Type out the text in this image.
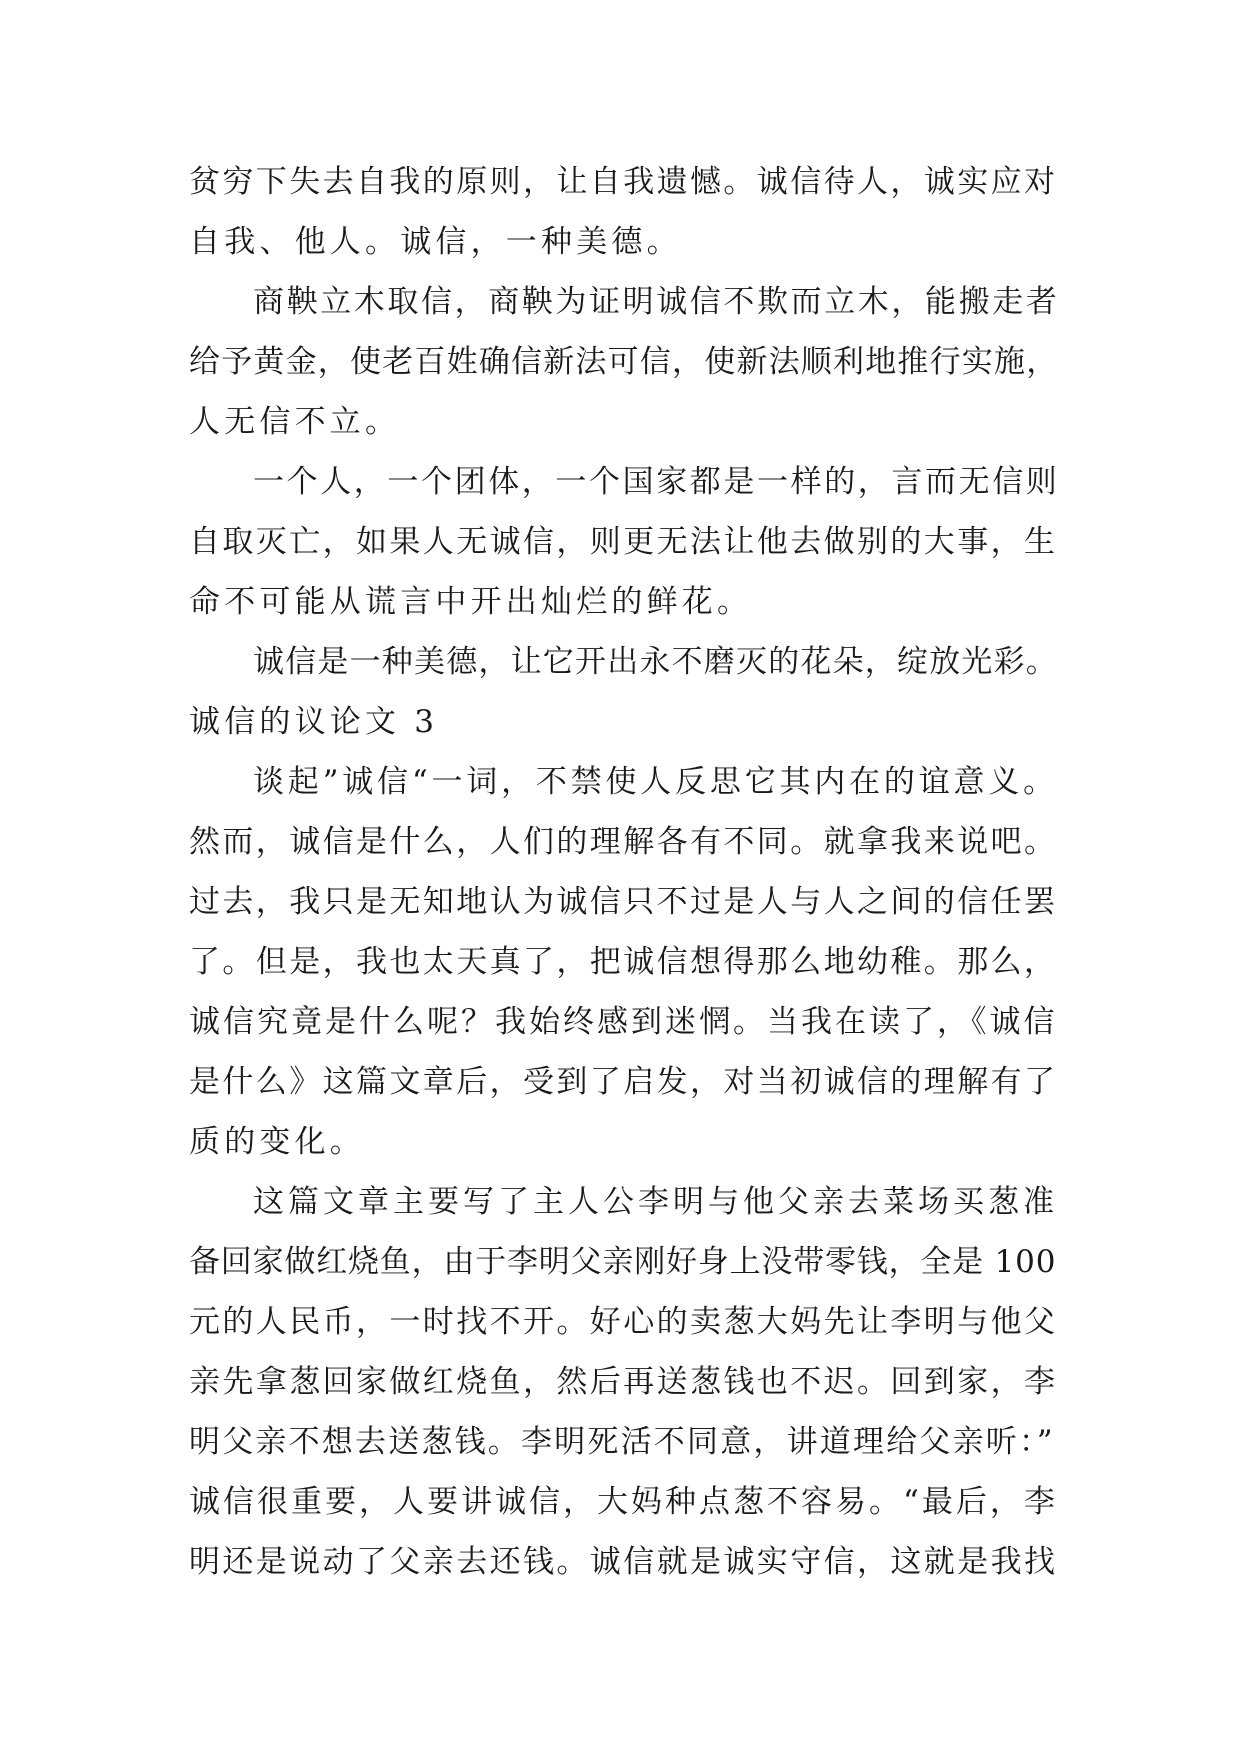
贫穷下失去自我的原则，让自我遗憾。诚信待人，诚实应对
自我、他人。诚信，一种美德。
商鞅立木取信，商鞅为证明诚信不欺而立木，能搬走者
给予黄金，使老百姓确信新法可信，使新法顺利地推行实施，
人无信不立。
一个人，一个团体，一个国家都是一样的，言而无信则
自取灭亡，如果人无诚信，则更无法让他去做别的大事，生
命不可能从谎言中开出灿烂的鲜花。
诚信是一种美德，让它开出永不磨灭的花朵，绽放光彩。
诚信的议论文 3
谈起”诚信“一词，不禁使人反思它其内在的谊意义。
然而，诚信是什么，人们的理解各有不同。就拿我来说吧。
过去，我只是无知地认为诚信只不过是人与人之间的信任罢
了。但是，我也太天真了，把诚信想得那么地幼稚。那么，
诚信究竟是什么呢？我始终感到迷惘。当我在读了，《诚信
是什么》这篇文章后，受到了启发，对当初诚信的理解有了
质的变化。
这篇文章主要写了主人公李明与他父亲去菜场买葱准
备回家做红烧鱼，由于李明父亲刚好身上没带零钱，全是 100
元的人民币，一时找不开。好心的卖葱大妈先让李明与他父
亲先拿葱回家做红烧鱼，然后再送葱钱也不迟。回到家，李
明父亲不想去送葱钱。李明死活不同意，讲道理给父亲听：”
诚信很重要，人要讲诚信，大妈种点葱不容易。“最后，李
明还是说动了父亲去还钱。诚信就是诚实守信，这就是我找
